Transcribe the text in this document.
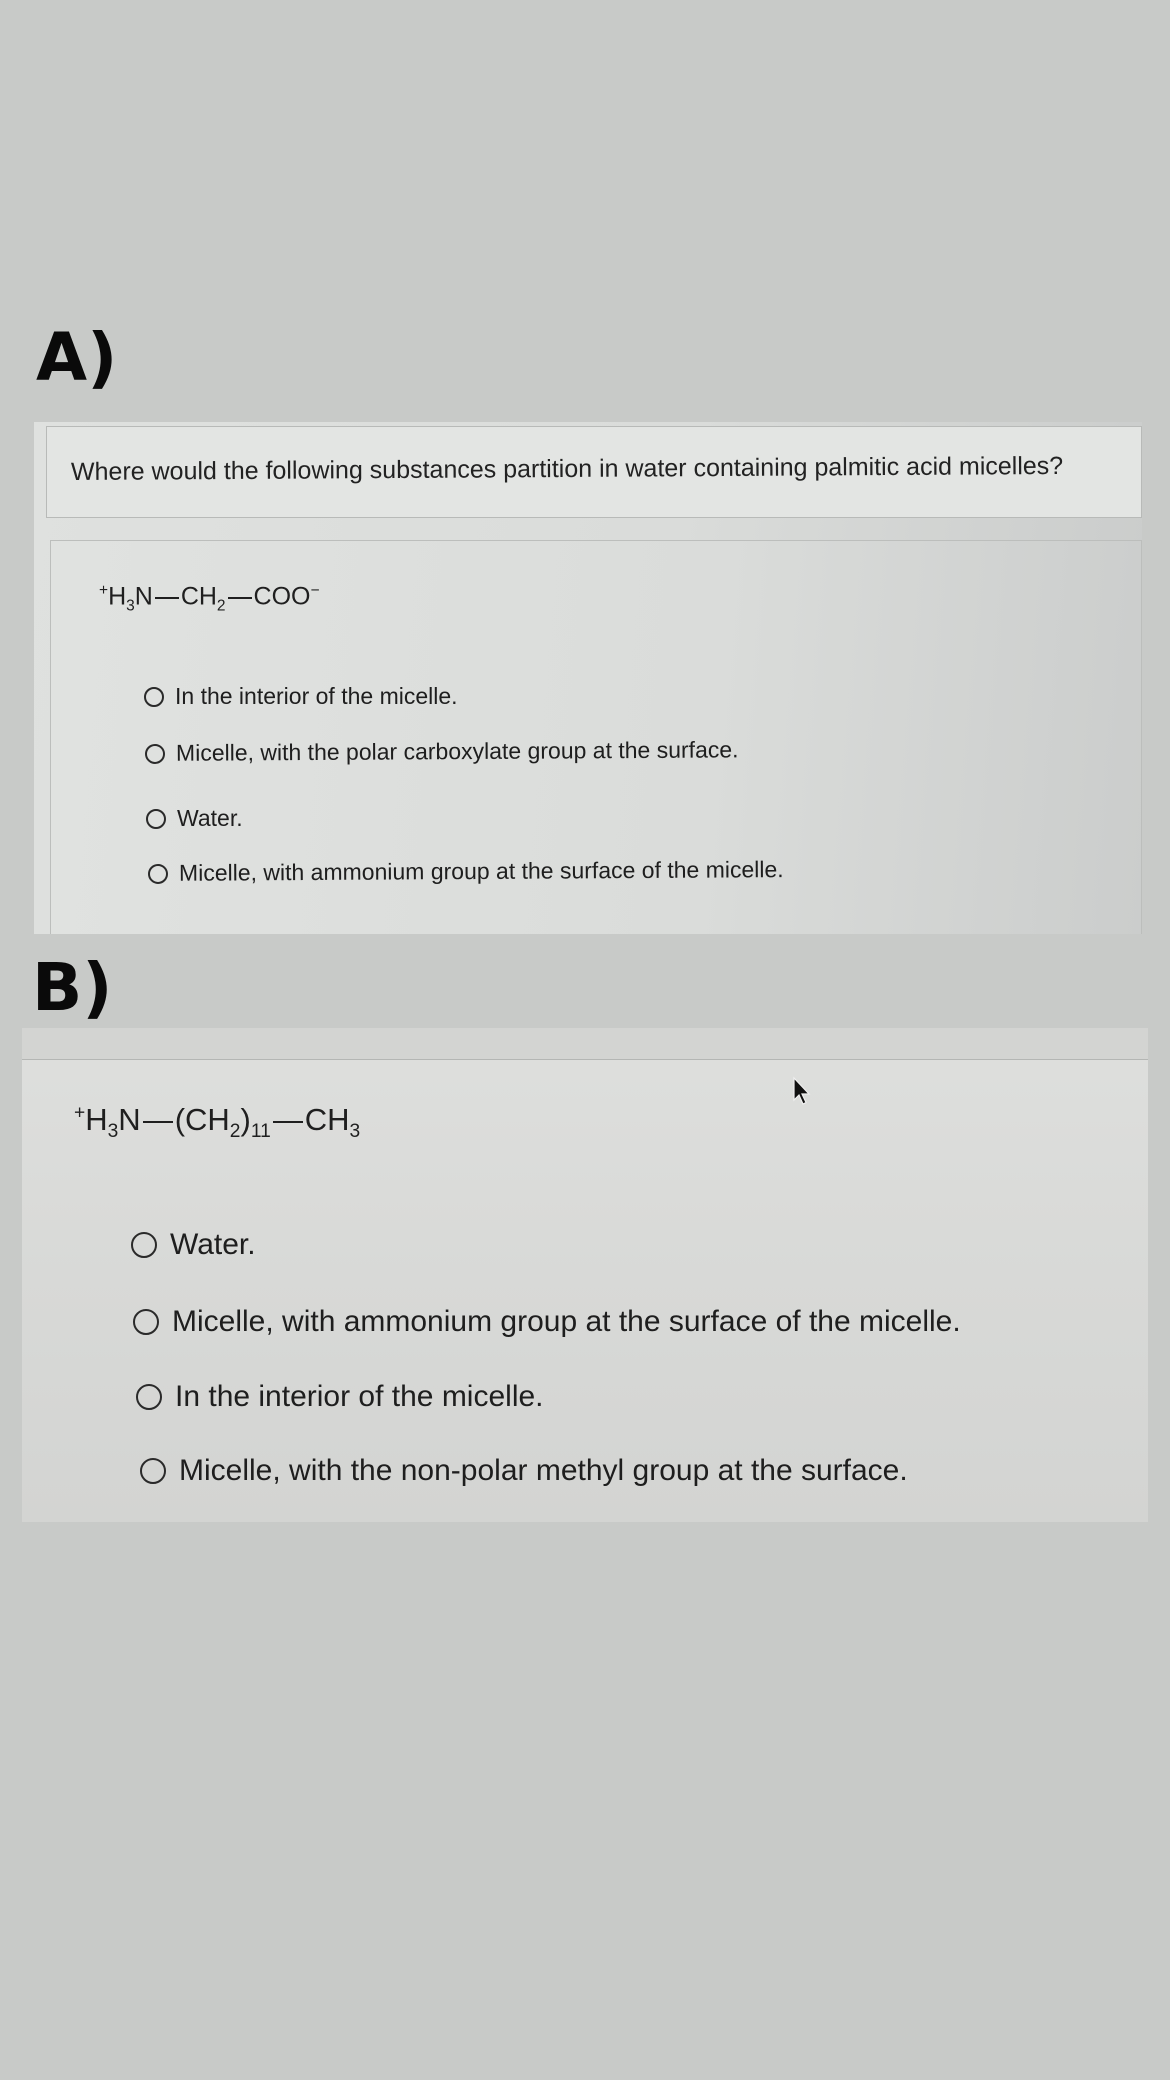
A)
Where would the following substances partition in water containing palmitic acid micelles?
$^+H_3N$ $CH_2$ COO−
In the interior of the micelle.
Micelle, with the polar carboxylate group at the surface.
Water.
Micelle, with ammonium group at the surface of the micelle.
B)
$^+H_3N$ $(CH_2)_{11}$ $CH_3$
Water.
Micelle, with ammonium group at the surface of the micelle.
In the interior of the micelle.
Micelle, with the non-polar methyl group at the surface.
